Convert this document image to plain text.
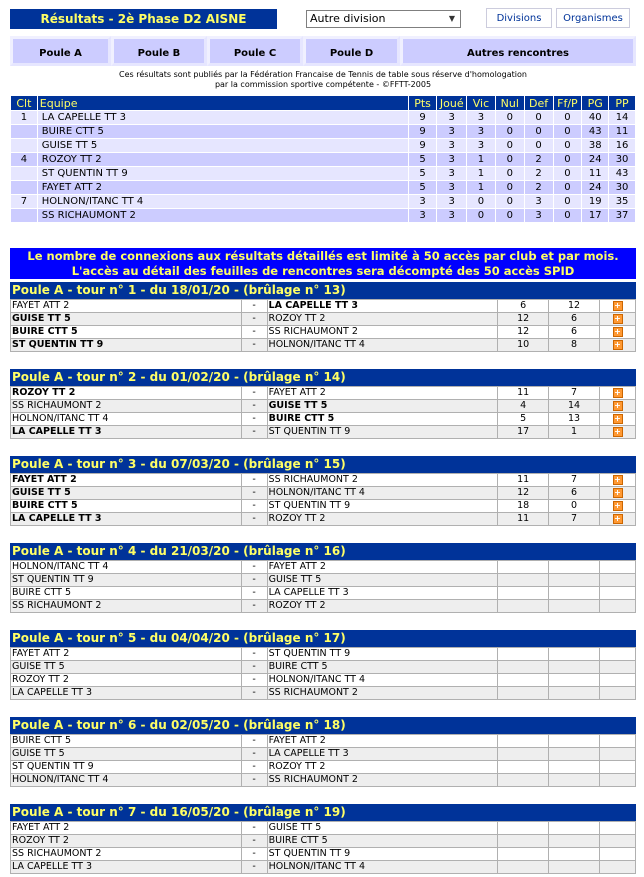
Résultats - 2è Phase D2 AISNE	Autre division	▼	Divisions	Organismes
Poule A	Poule B	Poule C	Poule D	Autres rencontres
Ces résultats sont publiés par la Fédération Francaise de Tennis de table sous réserve d'homologation
par la commission sportive compétente - ©FFTT-2005
Clt	Equipe	Pts	Joué	Vic	Nul	Def	Ff/P	PG	PP
1	LA CAPELLE TT 3	9	3	3	0	0	0	40	14
	BUIRE CTT 5	9	3	3	0	0	0	43	11
	GUISE TT 5	9	3	3	0	0	0	38	16
4	ROZOY TT 2	5	3	1	0	2	0	24	30
	ST QUENTIN TT 9	5	3	1	0	2	0	11	43
	FAYET ATT 2	5	3	1	0	2	0	24	30
7	HOLNON/ITANC TT 4	3	3	0	0	3	0	19	35
	SS RICHAUMONT 2	3	3	0	0	3	0	17	37
Le nombre de connexions aux résultats détaillés est limité à 50 accès par club et par mois.
L'accès au détail des feuilles de rencontres sera décompté des 50 accès SPID
Poule A - tour n° 1 - du 18/01/20 - (brûlage n° 13)
FAYET ATT 2	-	LA CAPELLE TT 3	6	12	+
GUISE TT 5	-	ROZOY TT 2	12	6	+
BUIRE CTT 5	-	SS RICHAUMONT 2	12	6	+
ST QUENTIN TT 9	-	HOLNON/ITANC TT 4	10	8	+
Poule A - tour n° 2 - du 01/02/20 - (brûlage n° 14)
ROZOY TT 2	-	FAYET ATT 2	11	7	+
SS RICHAUMONT 2	-	GUISE TT 5	4	14	+
HOLNON/ITANC TT 4	-	BUIRE CTT 5	5	13	+
LA CAPELLE TT 3	-	ST QUENTIN TT 9	17	1	+
Poule A - tour n° 3 - du 07/03/20 - (brûlage n° 15)
FAYET ATT 2	-	SS RICHAUMONT 2	11	7	+
GUISE TT 5	-	HOLNON/ITANC TT 4	12	6	+
BUIRE CTT 5	-	ST QUENTIN TT 9	18	0	+
LA CAPELLE TT 3	-	ROZOY TT 2	11	7	+
Poule A - tour n° 4 - du 21/03/20 - (brûlage n° 16)
HOLNON/ITANC TT 4	-	FAYET ATT 2			
ST QUENTIN TT 9	-	GUISE TT 5			
BUIRE CTT 5	-	LA CAPELLE TT 3			
SS RICHAUMONT 2	-	ROZOY TT 2			
Poule A - tour n° 5 - du 04/04/20 - (brûlage n° 17)
FAYET ATT 2	-	ST QUENTIN TT 9			
GUISE TT 5	-	BUIRE CTT 5			
ROZOY TT 2	-	HOLNON/ITANC TT 4			
LA CAPELLE TT 3	-	SS RICHAUMONT 2			
Poule A - tour n° 6 - du 02/05/20 - (brûlage n° 18)
BUIRE CTT 5	-	FAYET ATT 2			
GUISE TT 5	-	LA CAPELLE TT 3			
ST QUENTIN TT 9	-	ROZOY TT 2			
HOLNON/ITANC TT 4	-	SS RICHAUMONT 2			
Poule A - tour n° 7 - du 16/05/20 - (brûlage n° 19)
FAYET ATT 2	-	GUISE TT 5			
ROZOY TT 2	-	BUIRE CTT 5			
SS RICHAUMONT 2	-	ST QUENTIN TT 9			
LA CAPELLE TT 3	-	HOLNON/ITANC TT 4			
